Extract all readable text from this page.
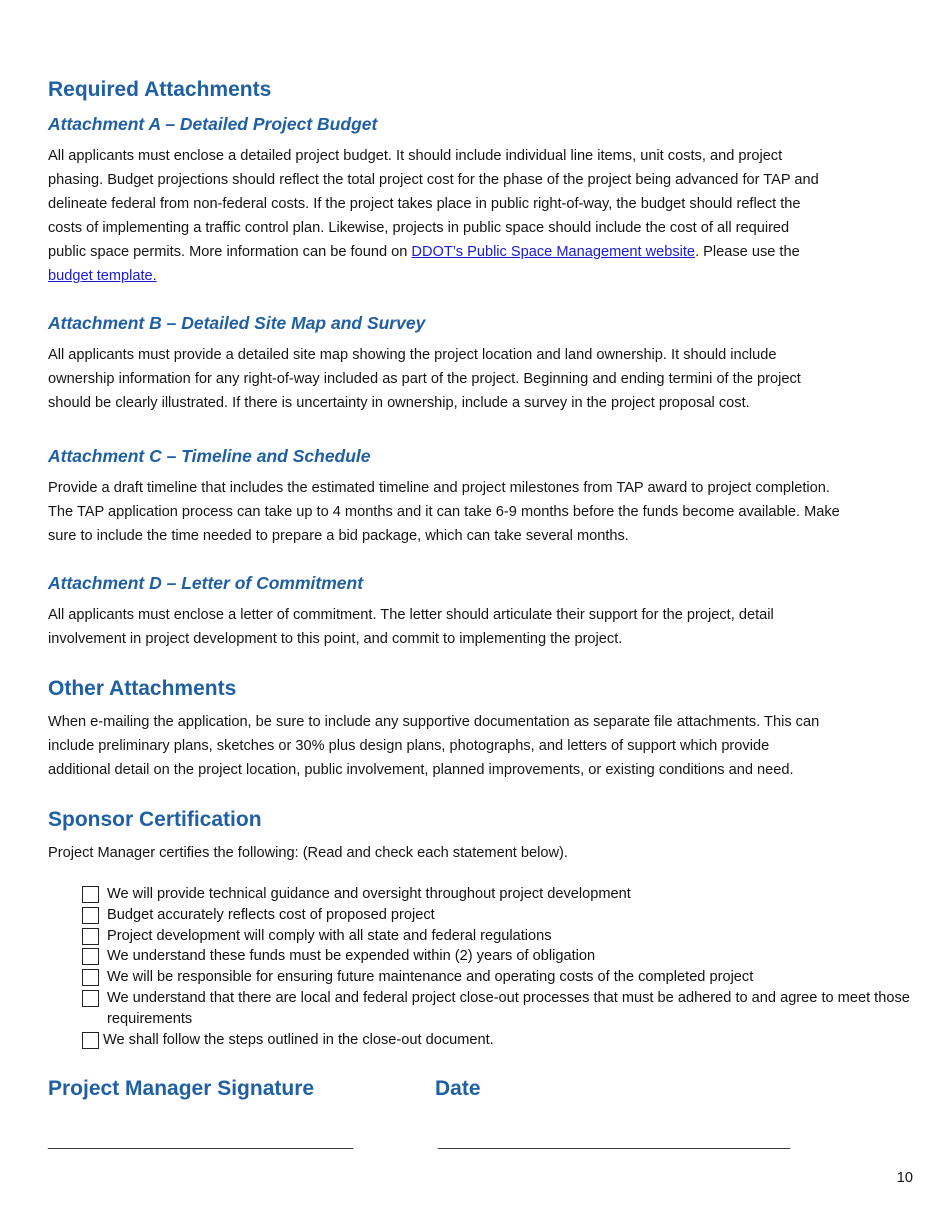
Required Attachments
Attachment A – Detailed Project Budget

All applicants must enclose a detailed project budget. It should include individual line items, unit costs, and project
phasing. Budget projections should reflect the total project cost for the phase of the project being advanced for TAP and
delineate federal from non-federal costs. If the project takes place in public right-of-way, the budget should reflect the
costs of implementing a traffic control plan. Likewise, projects in public space should include the cost of all required
public space permits. More information can be found on DDOT’s Public Space Management website. Please use the
budget template.

Attachment B – Detailed Site Map and Survey

All applicants must provide a detailed site map showing the project location and land ownership. It should include
ownership information for any right-of-way included as part of the project. Beginning and ending termini of the project
should be clearly illustrated. If there is uncertainty in ownership, include a survey in the project proposal cost.

Attachment C – Timeline and Schedule

Provide a draft timeline that includes the estimated timeline and project milestones from TAP award to project completion.
The TAP application process can take up to 4 months and it can take 6-9 months before the funds become available. Make
sure to include the time needed to prepare a bid package, which can take several months.

Attachment D – Letter of Commitment

All applicants must enclose a letter of commitment. The letter should articulate their support for the project, detail
involvement in project development to this point, and commit to implementing the project.

Other Attachments

When e-mailing the application, be sure to include any supportive documentation as separate file attachments. This can
include preliminary plans, sketches or 30% plus design plans, photographs, and letters of support which provide
additional detail on the project location, public involvement, planned improvements, or existing conditions and need.

Sponsor Certification

Project Manager certifies the following: (Read and check each statement below).

We will provide technical guidance and oversight throughout project development
Budget accurately reflects cost of proposed project
Project development will comply with all state and federal regulations
We understand these funds must be expended within (2) years of obligation
We will be responsible for ensuring future maintenance and operating costs of the completed project
We understand that there are local and federal project close-out processes that must be adhered to and agree to meet those requirements
We shall follow the steps outlined in the close-out document.
Project Manager Signature	Date

_______________________________________	_____________________________________________

10
